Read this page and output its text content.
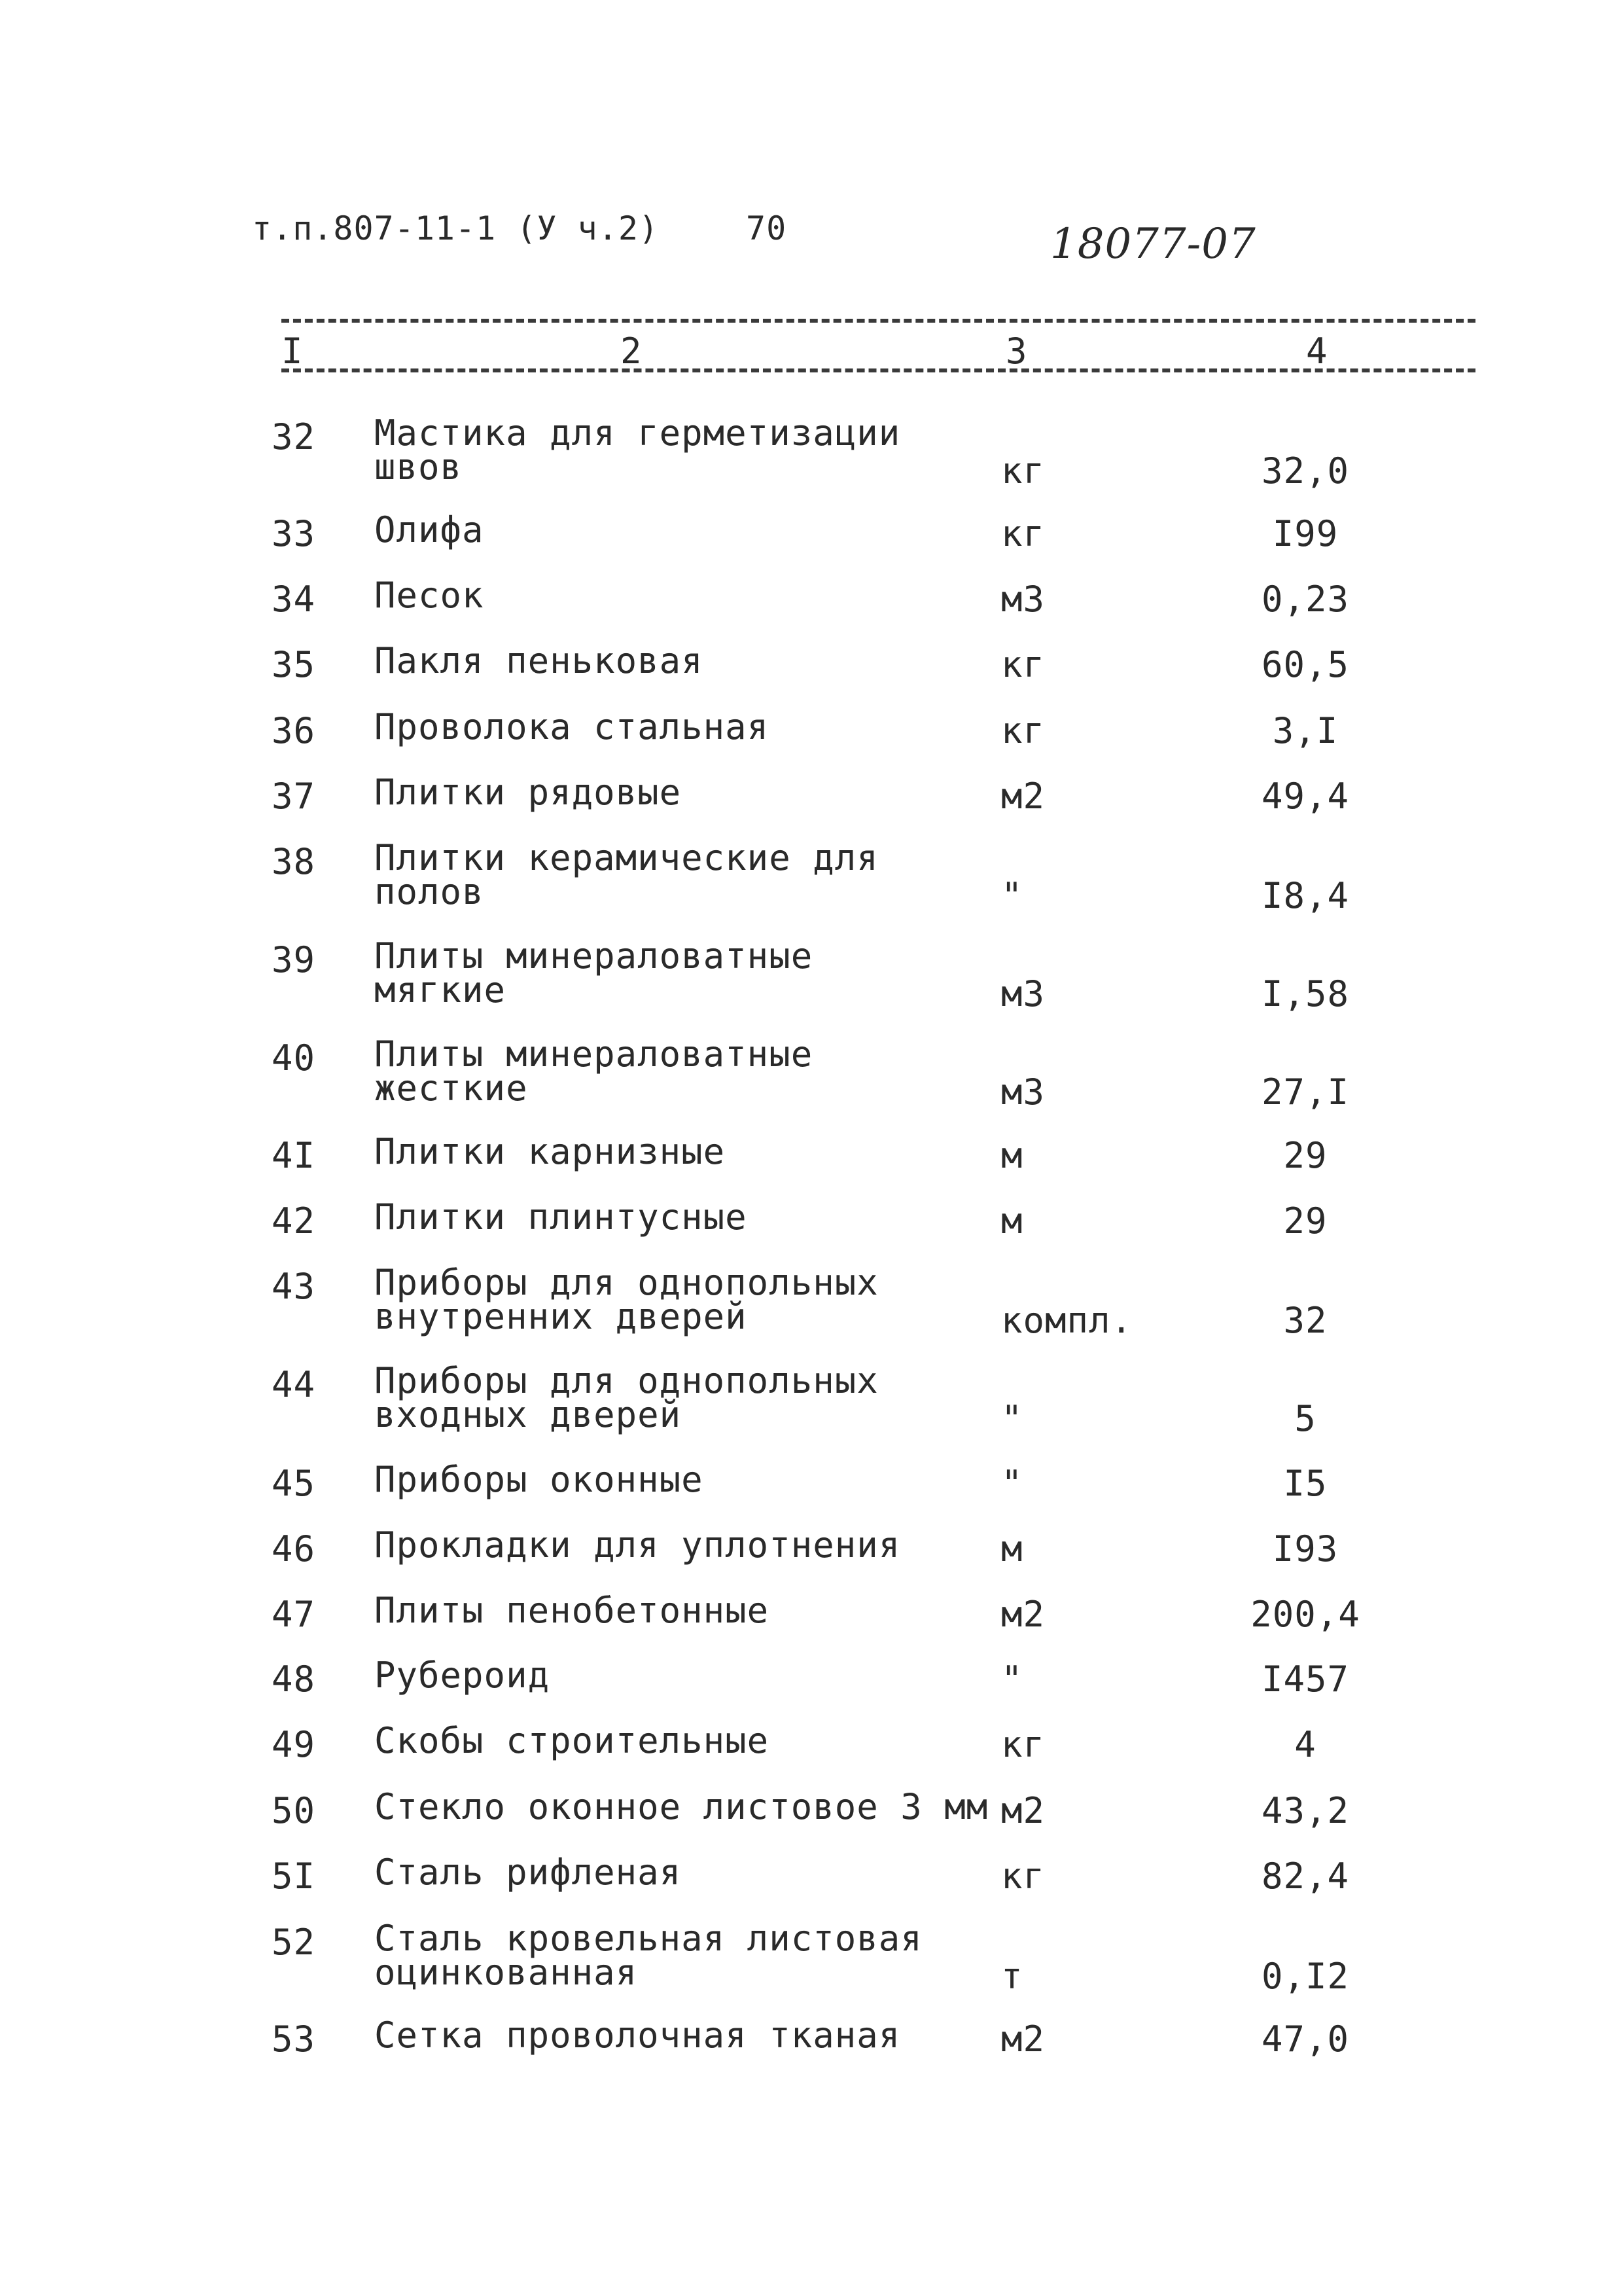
т.п.807-11-1 (У ч.2)	70	18077-07
I	2	3	4
32 Мастика для герметизации
швов	кг	32,0
33 Олифа	кг	I99
34 Песок	м3	0,23
35 Пакля пеньковая	кг	60,5
36 Проволока стальная	кг	3,I
37 Плитки рядовые	м2	49,4
38 Плитки керамические для
полов	"	I8,4
39 Плиты минераловатные
мягкие	м3	I,58
40 Плиты минераловатные
жесткие	м3	27,I
4I Плитки карнизные	м	29
42 Плитки плинтусные	м	29
43 Приборы для однопольных
внутренних дверей	компл.	32
44 Приборы для однопольных
входных дверей	"	5
45 Приборы оконные	"	I5
46 Прокладки для уплотнения	м	I93
47 Плиты пенобетонные	м2	200,4
48 Рубероид	"	I457
49 Скобы строительные	кг	4
50 Стекло оконное листовое 3 мм м2	43,2
5I Сталь рифленая	кг	82,4
52 Сталь кровельная листовая
оцинкованная	т	0,I2
53 Сетка проволочная тканая	м2	47,0
